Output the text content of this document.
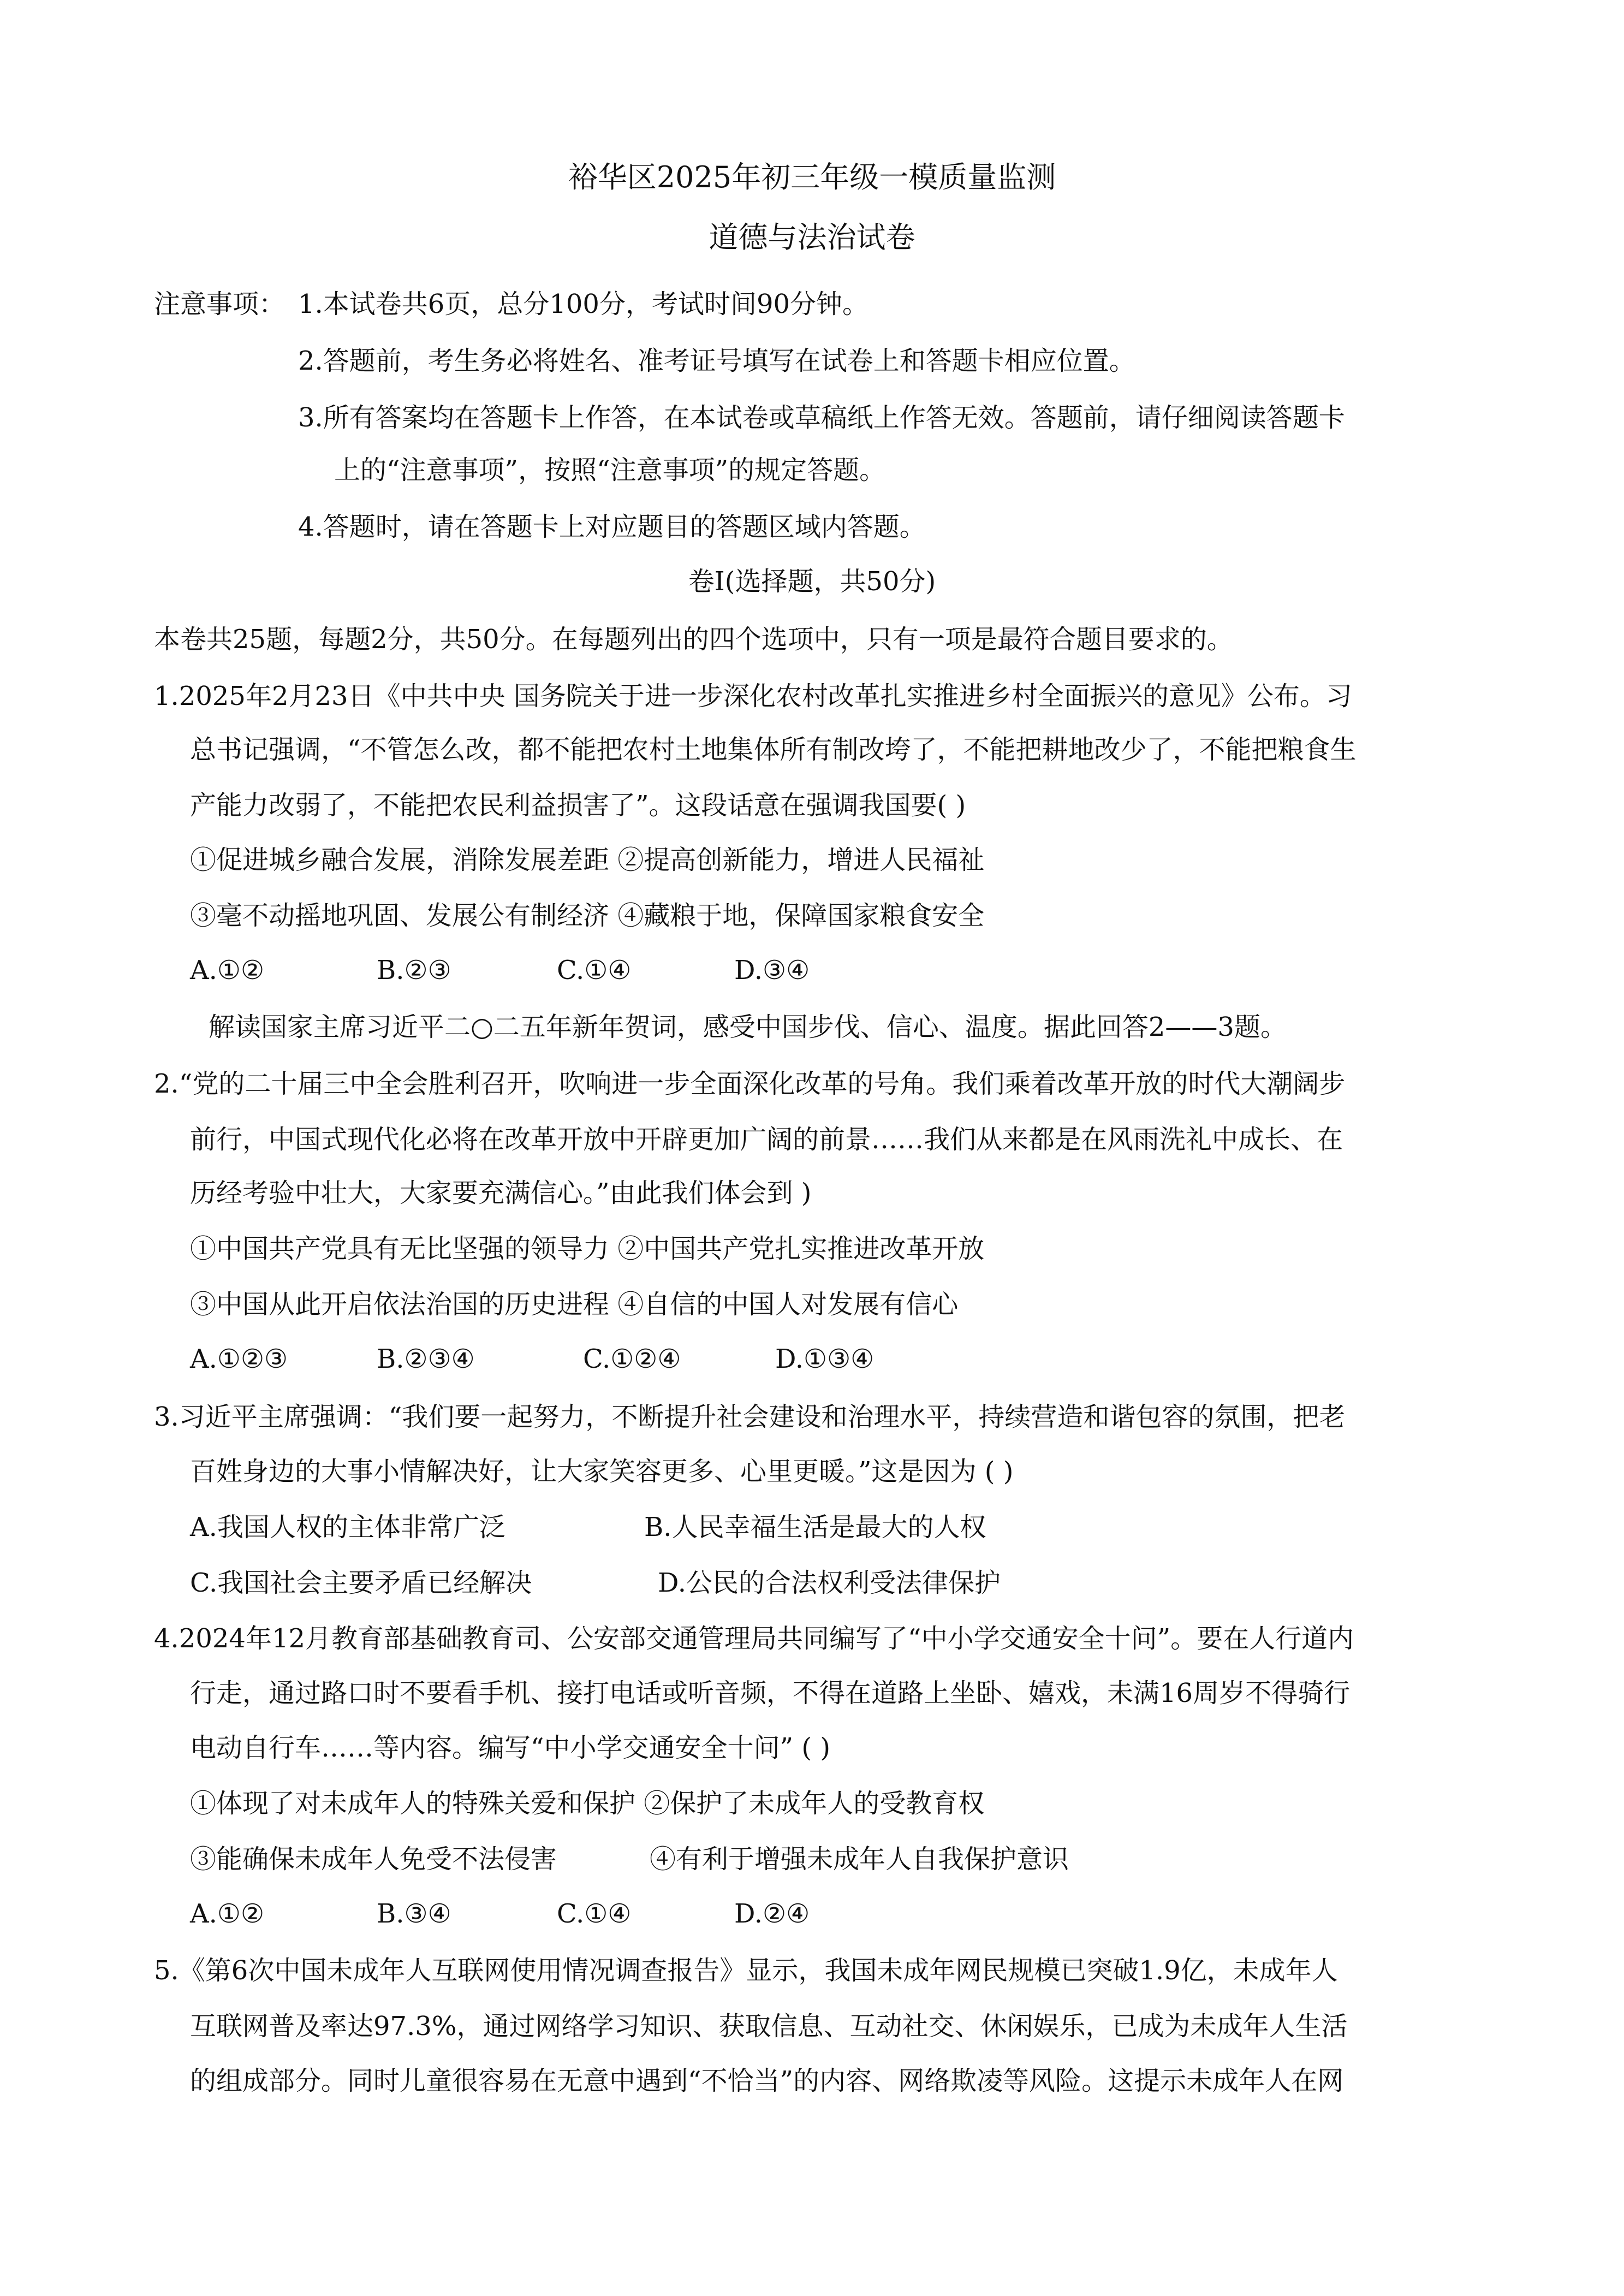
裕华区2025年初三年级一模质量监测
道德与法治试卷
注意事项： 1.本试卷共6页，总分100分，考试时间90分钟。
2.答题前，考生务必将姓名、准考证号填写在试卷上和答题卡相应位置。
3.所有答案均在答题卡上作答，在本试卷或草稿纸上作答无效。答题前，请仔细阅读答题卡
上的“注意事项”，按照“注意事项”的规定答题。
4.答题时，请在答题卡上对应题目的答题区域内答题。
卷I(选择题，共50分)
本卷共25题，每题2分，共50分。在每题列出的四个选项中，只有一项是最符合题目要求的。
1.2025年2月23日《中共中央 国务院关于进一步深化农村改革扎实推进乡村全面振兴的意见》公布。习
总书记强调，“不管怎么改，都不能把农村土地集体所有制改垮了，不能把耕地改少了，不能把粮食生
产能力改弱了，不能把农民利益损害了”。这段话意在强调我国要( )
①促进城乡融合发展，消除发展差距 ②提高创新能力，增进人民福祉
③毫不动摇地巩固、发展公有制经济 ④藏粮于地，保障国家粮食安全
A.①②	B.②③	C.①④	D.③④
解读国家主席习近平二○二五年新年贺词，感受中国步伐、信心、温度。据此回答2——3题。
2.“党的二十届三中全会胜利召开，吹响进一步全面深化改革的号角。我们乘着改革开放的时代大潮阔步
前行，中国式现代化必将在改革开放中开辟更加广阔的前景……我们从来都是在风雨洗礼中成长、在
历经考验中壮大，大家要充满信心。”由此我们体会到 )
①中国共产党具有无比坚强的领导力 ②中国共产党扎实推进改革开放
③中国从此开启依法治国的历史进程 ④自信的中国人对发展有信心
A.①②③	B.②③④	C.①②④	D.①③④
3.习近平主席强调：“我们要一起努力，不断提升社会建设和治理水平，持续营造和谐包容的氛围，把老
百姓身边的大事小情解决好，让大家笑容更多、心里更暖。”这是因为 ( )
A.我国人权的主体非常广泛	B.人民幸福生活是最大的人权
C.我国社会主要矛盾已经解决	D.公民的合法权利受法律保护
4.2024年12月教育部基础教育司、公安部交通管理局共同编写了“中小学交通安全十问”。要在人行道内
行走，通过路口时不要看手机、接打电话或听音频，不得在道路上坐卧、嬉戏，未满16周岁不得骑行
电动自行车……等内容。编写“中小学交通安全十问” ( )
①体现了对未成年人的特殊关爱和保护 ②保护了未成年人的受教育权
③能确保未成年人免受不法侵害	④有利于增强未成年人自我保护意识
A.①②	B.③④	C.①④	D.②④
5.《第6次中国未成年人互联网使用情况调查报告》显示，我国未成年网民规模已突破1.9亿，未成年人
互联网普及率达97.3%，通过网络学习知识、获取信息、互动社交、休闲娱乐，已成为未成年人生活
的组成部分。同时儿童很容易在无意中遇到“不恰当”的内容、网络欺凌等风险。这提示未成年人在网
